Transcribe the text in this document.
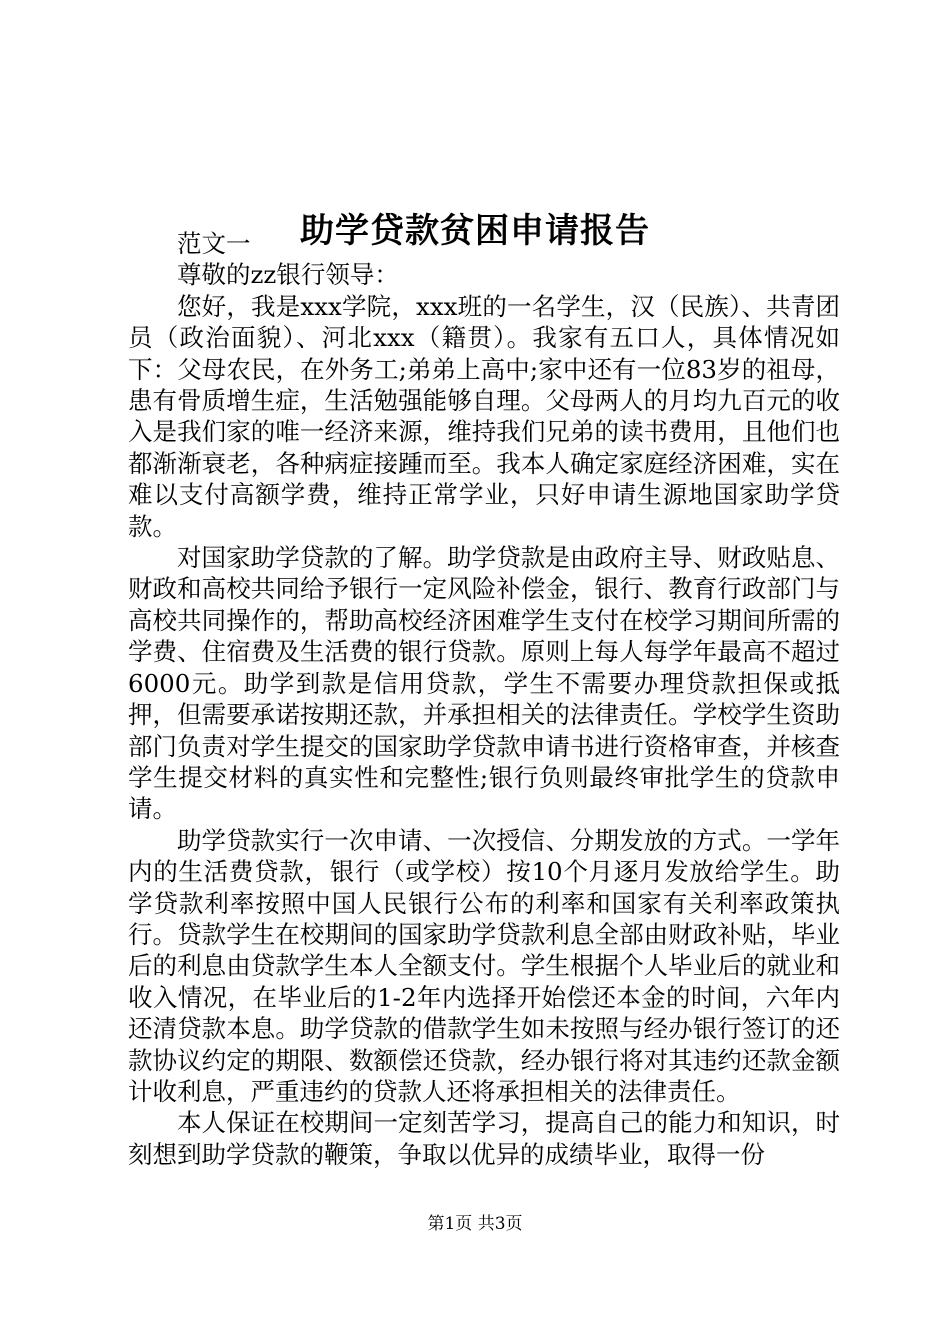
助学贷款贫困申请报告

范文一

尊敬的zz银行领导：

您好，我是xxx学院，xxx班的一名学生，汉（民族）、共青团员（政治面貌）、河北xxx（籍贯）。我家有五口人，具体情况如下：父母农民，在外务工;弟弟上高中;家中还有一位83岁的祖母，患有骨质增生症，生活勉强能够自理。父母两人的月均九百元的收入是我们家的唯一经济来源，维持我们兄弟的读书费用，且他们也都渐渐衰老，各种病症接踵而至。我本人确定家庭经济困难，实在难以支付高额学费，维持正常学业，只好申请生源地国家助学贷款。

对国家助学贷款的了解。助学贷款是由政府主导、财政贴息、财政和高校共同给予银行一定风险补偿金，银行、教育行政部门与高校共同操作的，帮助高校经济困难学生支付在校学习期间所需的学费、住宿费及生活费的银行贷款。原则上每人每学年最高不超过6000元。助学到款是信用贷款，学生不需要办理贷款担保或抵押，但需要承诺按期还款，并承担相关的法律责任。学校学生资助部门负责对学生提交的国家助学贷款申请书进行资格审查，并核查学生提交材料的真实性和完整性;银行负则最终审批学生的贷款申请。

助学贷款实行一次申请、一次授信、分期发放的方式。一学年内的生活费贷款，银行（或学校）按10个月逐月发放给学生。助学贷款利率按照中国人民银行公布的利率和国家有关利率政策执行。贷款学生在校期间的国家助学贷款利息全部由财政补贴，毕业后的利息由贷款学生本人全额支付。学生根据个人毕业后的就业和收入情况，在毕业后的1-2年内选择开始偿还本金的时间，六年内还清贷款本息。助学贷款的借款学生如未按照与经办银行签订的还款协议约定的期限、数额偿还贷款，经办银行将对其违约还款金额计收利息，严重违约的贷款人还将承担相关的法律责任。

本人保证在校期间一定刻苦学习，提高自己的能力和知识，时刻想到助学贷款的鞭策，争取以优异的成绩毕业，取得一份

第1页 共3页
